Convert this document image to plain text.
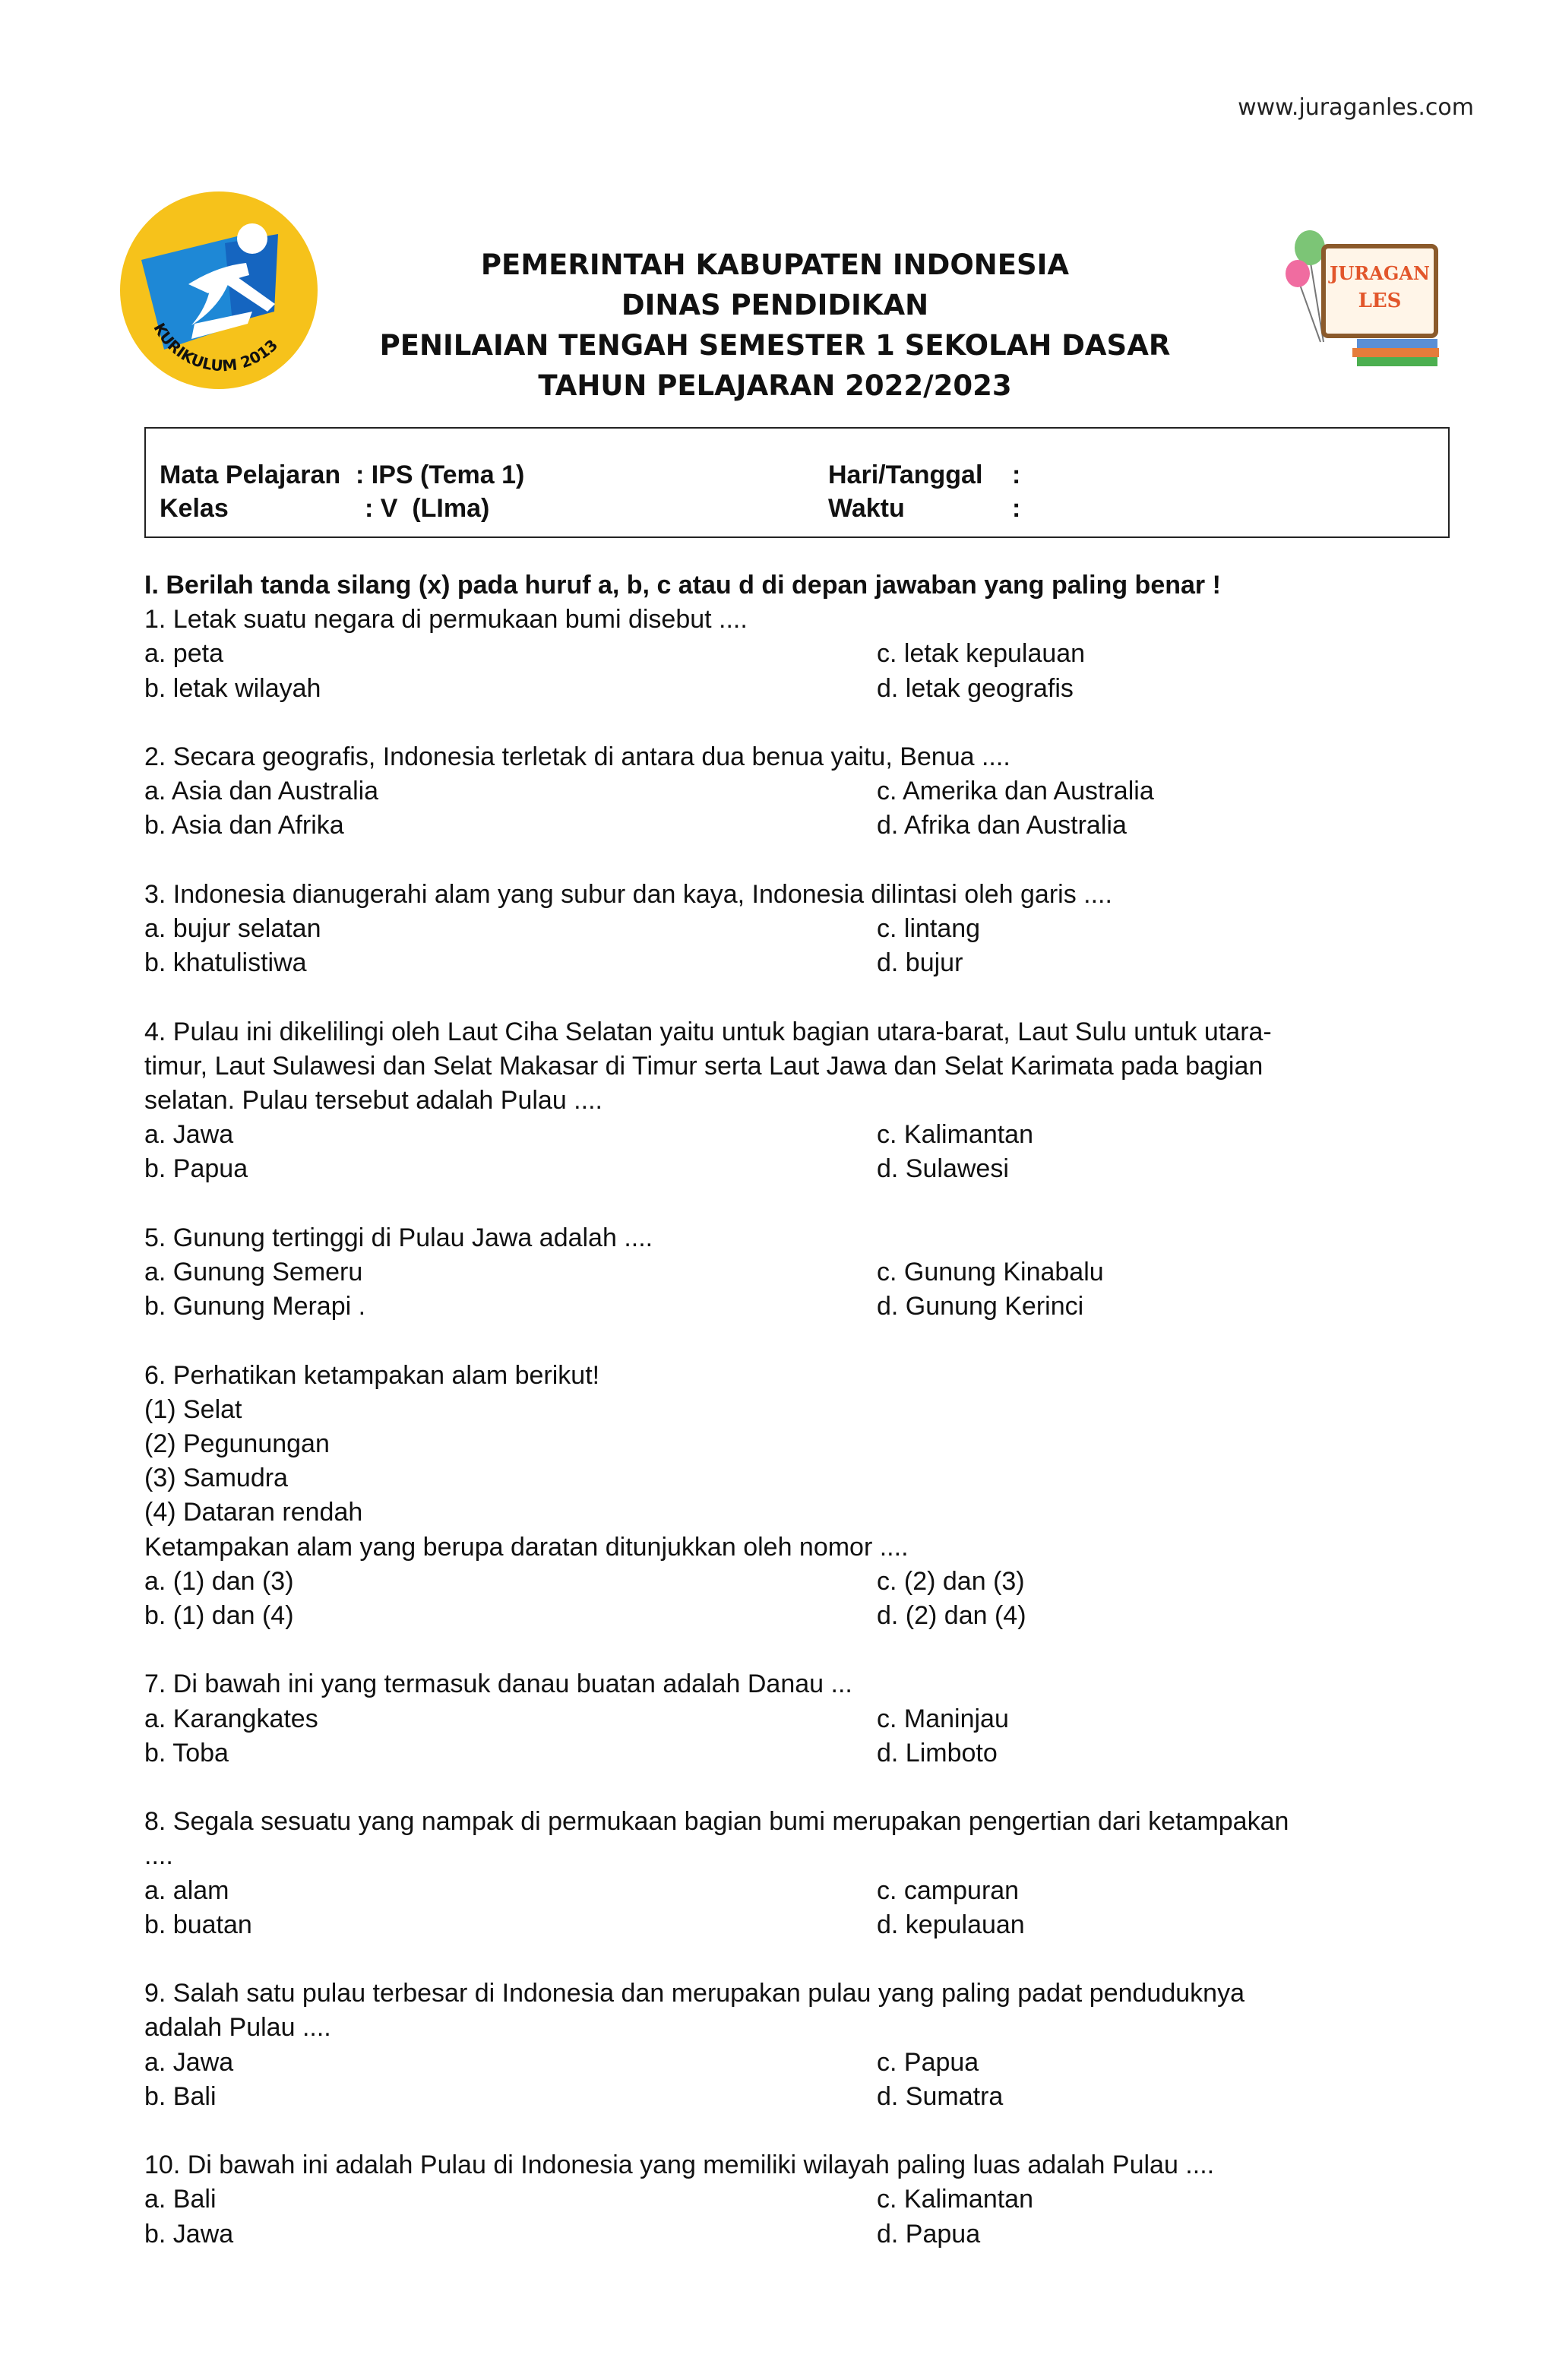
www.juraganles.com
KURIKULUM 2013
JURAGAN
LES
PEMERINTAH KABUPATEN INDONESIA
DINAS PENDIDIKAN
PENILAIAN TENGAH SEMESTER 1 SEKOLAH DASAR
TAHUN PELAJARAN 2022/2023
Mata Pelajaran : IPS (Tema 1)
Kelas	: V  (LIma)
Hari/Tanggal :
Waktu	:
I. Berilah tanda silang (x) pada huruf a, b, c atau d di depan jawaban yang paling benar !
1. Letak suatu negara di permukaan bumi disebut ....
a. peta	c. letak kepulauan
b. letak wilayah	d. letak geografis
2. Secara geografis, Indonesia terletak di antara dua benua yaitu, Benua ....
a. Asia dan Australia	c. Amerika dan Australia
b. Asia dan Afrika	d. Afrika dan Australia
3. Indonesia dianugerahi alam yang subur dan kaya, Indonesia dilintasi oleh garis ....
a. bujur selatan	c. lintang
b. khatulistiwa	d. bujur
4. Pulau ini dikelilingi oleh Laut Ciha Selatan yaitu untuk bagian utara-barat, Laut Sulu untuk utara-
timur, Laut Sulawesi dan Selat Makasar di Timur serta Laut Jawa dan Selat Karimata pada bagian
selatan. Pulau tersebut adalah Pulau ....
a. Jawa	c. Kalimantan
b. Papua	d. Sulawesi
5. Gunung tertinggi di Pulau Jawa adalah ....
a. Gunung Semeru	c. Gunung Kinabalu
b. Gunung Merapi .	d. Gunung Kerinci
6. Perhatikan ketampakan alam berikut!
(1) Selat
(2) Pegunungan
(3) Samudra
(4) Dataran rendah
Ketampakan alam yang berupa daratan ditunjukkan oleh nomor ....
a. (1) dan (3)	c. (2) dan (3)
b. (1) dan (4)	d. (2) dan (4)
7. Di bawah ini yang termasuk danau buatan adalah Danau ...
a. Karangkates	c. Maninjau
b. Toba	d. Limboto
8. Segala sesuatu yang nampak di permukaan bagian bumi merupakan pengertian dari ketampakan
....
a. alam	c. campuran
b. buatan	d. kepulauan
9. Salah satu pulau terbesar di Indonesia dan merupakan pulau yang paling padat penduduknya
adalah Pulau ....
a. Jawa	c. Papua
b. Bali	d. Sumatra
10. Di bawah ini adalah Pulau di Indonesia yang memiliki wilayah paling luas adalah Pulau ....
a. Bali	c. Kalimantan
b. Jawa	d. Papua
